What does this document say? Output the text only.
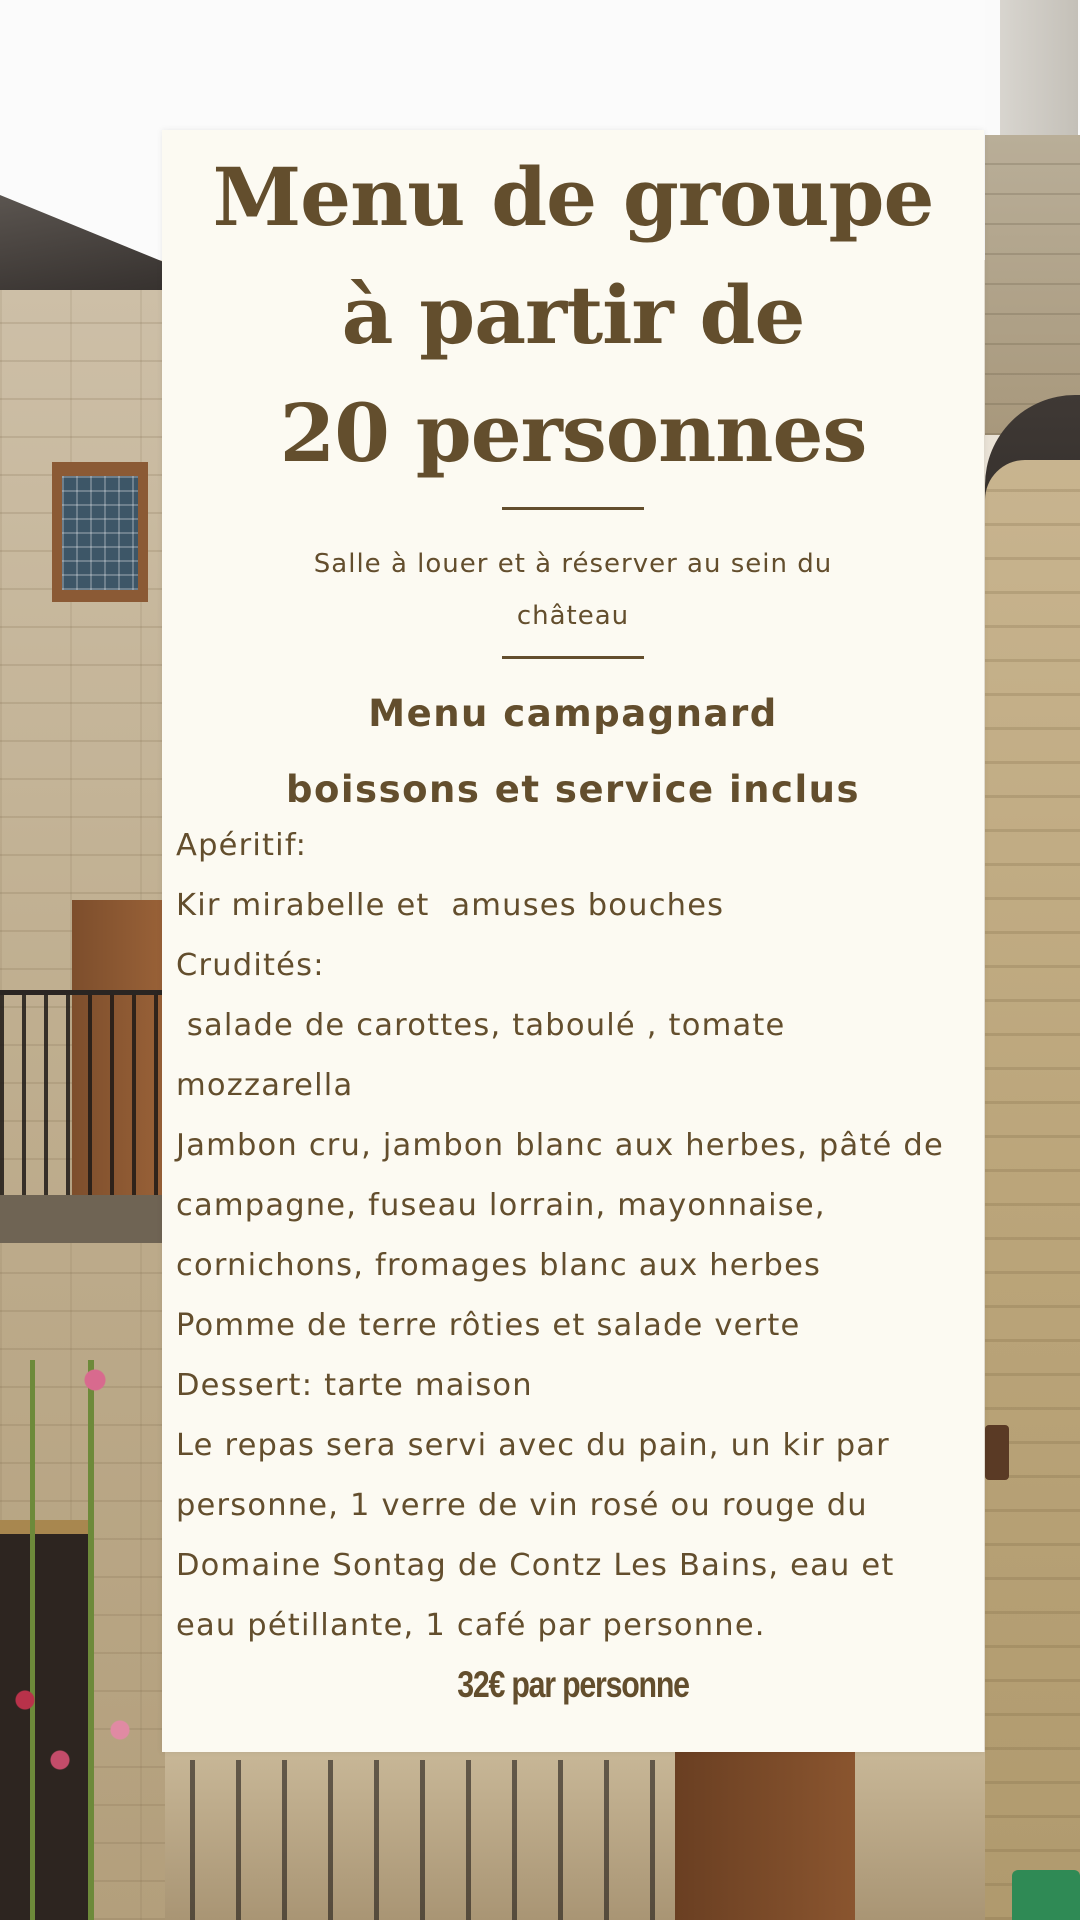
Menu de groupe
à partir de
20 personnes
Salle à louer et à réserver au sein du
château
Menu campagnard
boissons et service inclus
Apéritif:
Kir mirabelle et  amuses bouches
Crudités:
salade de carottes, taboulé , tomate
mozzarella
Jambon cru, jambon blanc aux herbes, pâté de
campagne, fuseau lorrain, mayonnaise,
cornichons, fromages blanc aux herbes
Pomme de terre rôties et salade verte
Dessert: tarte maison
Le repas sera servi avec du pain, un kir par
personne, 1 verre de vin rosé ou rouge du
Domaine Sontag de Contz Les Bains, eau et
eau pétillante, 1 café par personne.
32€ par personne
